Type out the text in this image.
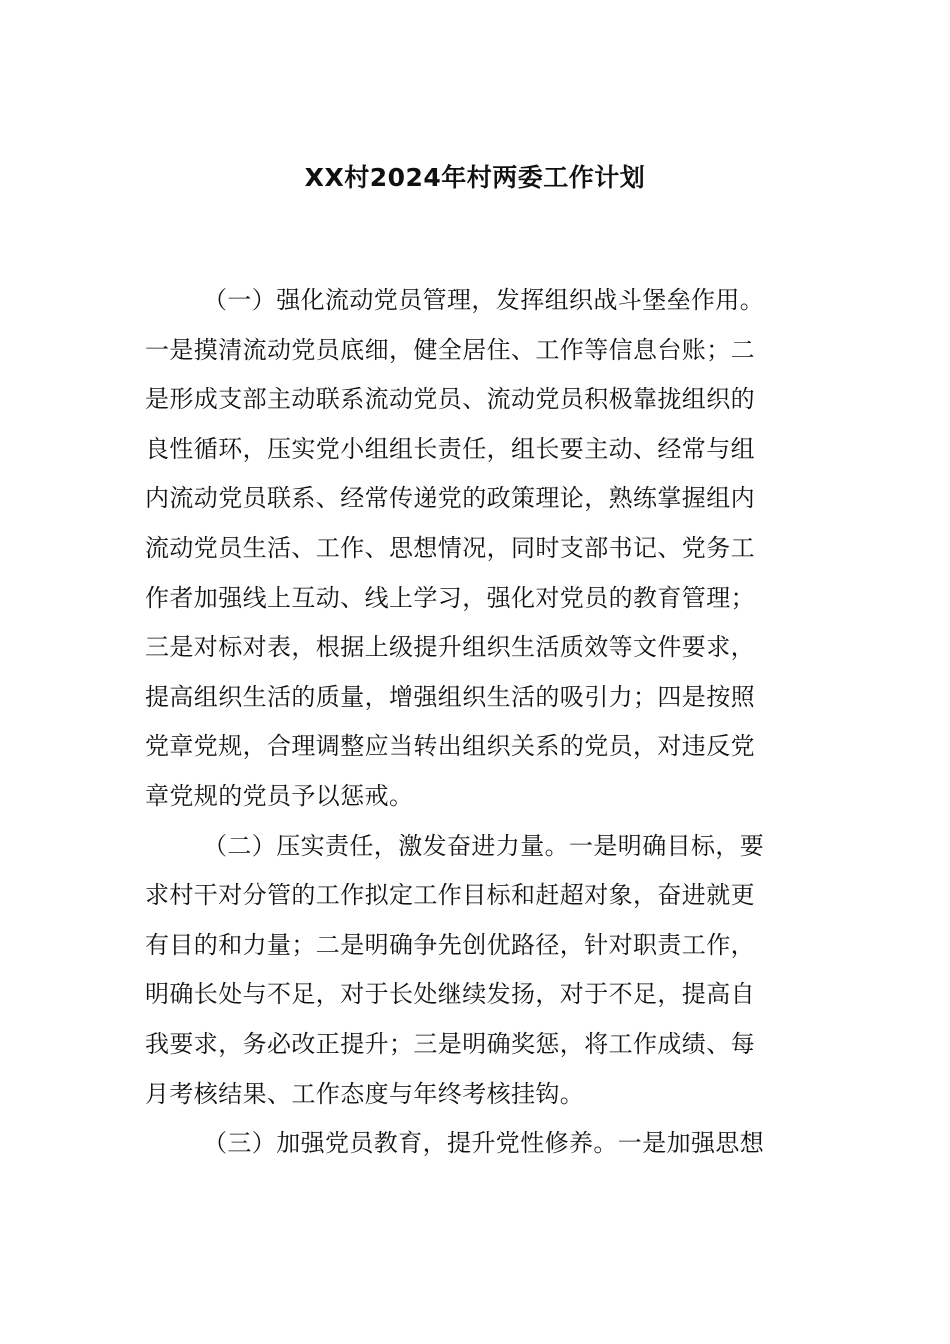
XX村2024年村两委工作计划
（一）强化流动党员管理，发挥组织战斗堡垒作用。
一是摸清流动党员底细，健全居住、工作等信息台账；二
是形成支部主动联系流动党员、流动党员积极靠拢组织的
良性循环，压实党小组组长责任，组长要主动、经常与组
内流动党员联系、经常传递党的政策理论，熟练掌握组内
流动党员生活、工作、思想情况，同时支部书记、党务工
作者加强线上互动、线上学习，强化对党员的教育管理；
三是对标对表，根据上级提升组织生活质效等文件要求，
提高组织生活的质量，增强组织生活的吸引力；四是按照
党章党规，合理调整应当转出组织关系的党员，对违反党
章党规的党员予以惩戒。
（二）压实责任，激发奋进力量。一是明确目标，要
求村干对分管的工作拟定工作目标和赶超对象，奋进就更
有目的和力量；二是明确争先创优路径，针对职责工作，
明确长处与不足，对于长处继续发扬，对于不足，提高自
我要求，务必改正提升；三是明确奖惩，将工作成绩、每
月考核结果、工作态度与年终考核挂钩。
（三）加强党员教育，提升党性修养。一是加强思想
